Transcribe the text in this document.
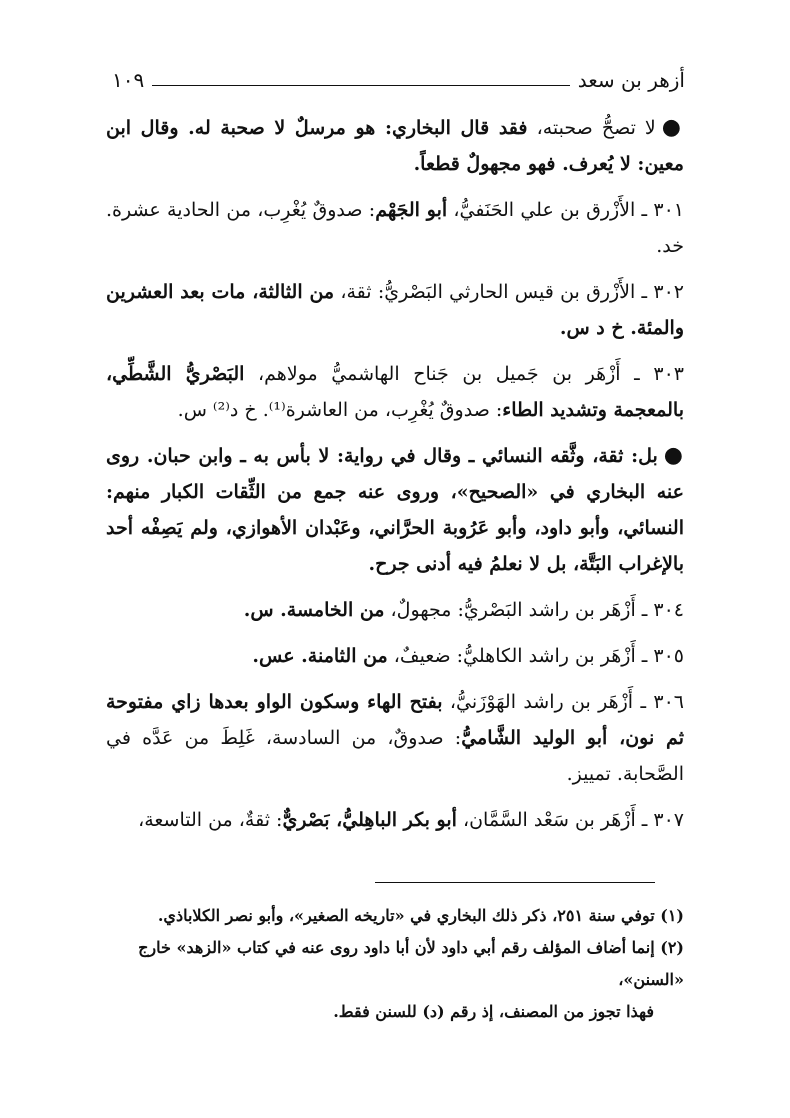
أزهر بن سعد
١٠٩

●لا تصحُّ صحبته، فقد قال البخاري: هو مرسلٌ لا صحبة له. وقال ابن معين: لا يُعرف. فهو مجهولٌ قطعاً.

٣٠١ ـ الأَزْرق بن علي الحَنَفيُّ، أبو الجَهْم: صدوقٌ يُغْرِب، من الحادية عشرة. خد.

٣٠٢ ـ الأَزْرق بن قيس الحارثي البَصْريُّ: ثقة، من الثالثة، مات بعد العشرين والمئة. خ د س.

٣٠٣ ـ أَزْهَر بن جَميل بن جَناح الهاشميُّ مولاهم، البَصْريُّ الشَّطِّي، بالمعجمة وتشديد الطاء: صدوقٌ يُغْرِب، من العاشرة⁽¹⁾. خ د⁽²⁾ س.

●بل: ثقة، وثَّقه النسائي ـ وقال في رواية: لا بأس به ـ وابن حبان. روى عنه البخاري في «الصحيح»، وروى عنه جمع من الثِّقات الكبار منهم: النسائي، وأبو داود، وأبو عَرُوبة الحرَّاني، وعَبْدان الأهوازي، ولم يَصِفْه أحد بالإغراب البَتَّة، بل لا نعلمُ فيه أدنى جرح.

٣٠٤ ـ أَزْهَر بن راشد البَصْريُّ: مجهولٌ، من الخامسة. س.

٣٠٥ ـ أَزْهَر بن راشد الكاهليُّ: ضعيفٌ، من الثامنة. عس.

٣٠٦ ـ أَزْهَر بن راشد الهَوْزَنيُّ، بفتح الهاء وسكون الواو بعدها زاي مفتوحة ثم نون، أبو الوليد الشَّاميُّ: صدوقٌ، من السادسة، غَلِطَ من عَدَّه في الصَّحابة. تمييز.

٣٠٧ ـ أَزْهَر بن سَعْد السَّمَّان، أبو بكر الباهِليُّ، بَصْريٌّ: ثقةٌ، من التاسعة،

(١) توفي سنة ٢٥١، ذكر ذلك البخاري في «تاريخه الصغير»، وأبو نصر الكلاباذي.

(٢) إنما أضاف المؤلف رقم أبي داود لأن أبا داود روى عنه في كتاب «الزهد» خارج «السنن»،

فهذا تجوز من المصنف، إذ رقم (د) للسنن فقط.
